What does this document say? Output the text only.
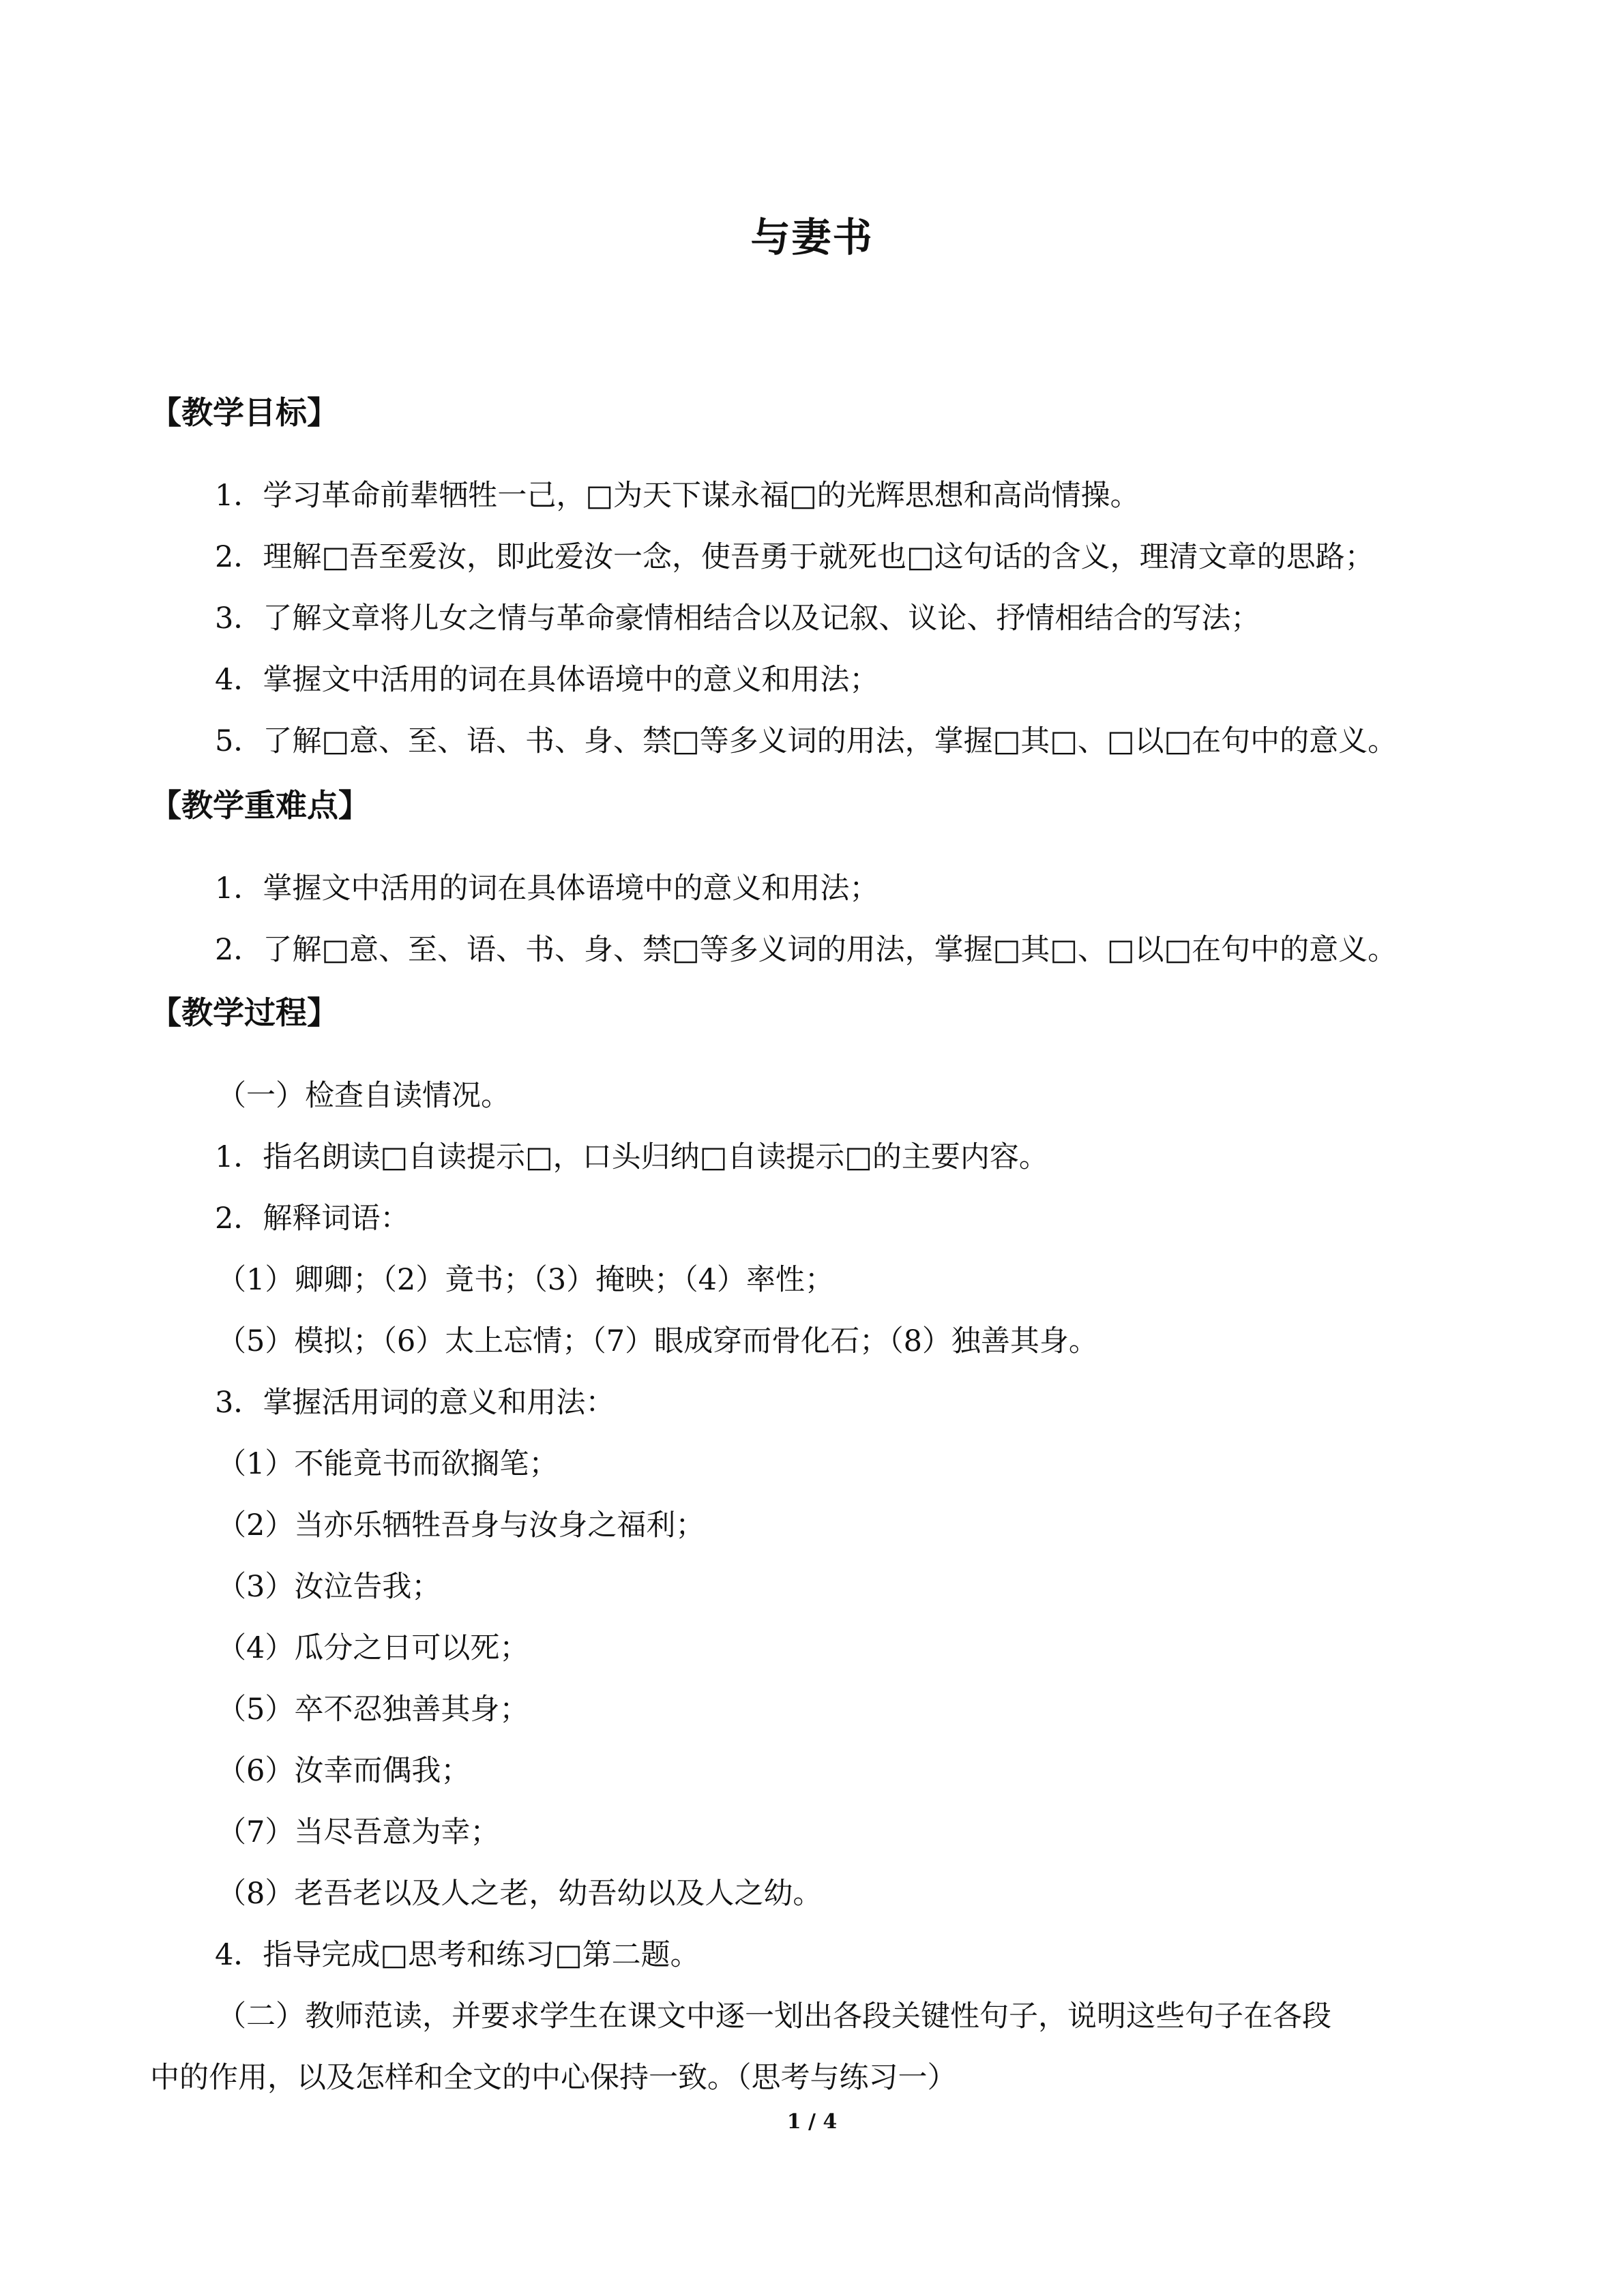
与妻书
【教学目标】
1．学习革命前辈牺牲一己，□为天下谋永福□的光辉思想和高尚情操。
2．理解□吾至爱汝，即此爱汝一念，使吾勇于就死也□这句话的含义，理清文章的思路；
3．了解文章将儿女之情与革命豪情相结合以及记叙、议论、抒情相结合的写法；
4．掌握文中活用的词在具体语境中的意义和用法；
5．了解□意、至、语、书、身、禁□等多义词的用法，掌握□其□、□以□在句中的意义。
【教学重难点】
1．掌握文中活用的词在具体语境中的意义和用法；
2．了解□意、至、语、书、身、禁□等多义词的用法，掌握□其□、□以□在句中的意义。
【教学过程】
（一）检查自读情况。
1．指名朗读□自读提示□，口头归纳□自读提示□的主要内容。
2．解释词语：
（1）卿卿；（2）竟书；（3）掩映；（4）率性；
（5）模拟；（6）太上忘情；（7）眼成穿而骨化石；（8）独善其身。
3．掌握活用词的意义和用法：
（1）不能竟书而欲搁笔；
（2）当亦乐牺牲吾身与汝身之福利；
（3）汝泣告我；
（4）瓜分之日可以死；
（5）卒不忍独善其身；
（6）汝幸而偶我；
（7）当尽吾意为幸；
（8）老吾老以及人之老，幼吾幼以及人之幼。
4．指导完成□思考和练习□第二题。
（二）教师范读，并要求学生在课文中逐一划出各段关键性句子，说明这些句子在各段
中的作用，以及怎样和全文的中心保持一致。（思考与练习一）
1 / 4
